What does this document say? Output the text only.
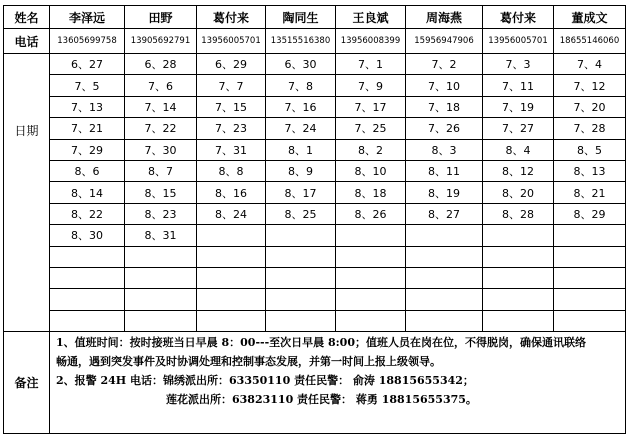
姓名	李泽远	田野	葛付来	陶同生	王良斌	周海燕	葛付来	董成文
电话	13605699758	13905692791	13956005701	13515516380	13956008399	15956947906	13956005701	18655146060
日期	6、27	6、28	6、29	6、30	7、1	7、2	7、3	7、4
	7、5	7、6	7、7	7、8	7、9	7、10	7、11	7、12
	7、13	7、14	7、15	7、16	7、17	7、18	7、19	7、20
	7、21	7、22	7、23	7、24	7、25	7、26	7、27	7、28
	7、29	7、30	7、31	8、1	8、2	8、3	8、4	8、5
	8、6	8、7	8、8	8、9	8、10	8、11	8、12	8、13
	8、14	8、15	8、16	8、17	8、18	8、19	8、20	8、21
	8、22	8、23	8、24	8、25	8、26	8、27	8、28	8、29
	8、30	8、31						

备注	1、值班时间：按时接班当日早晨 8：00---至次日早晨 8:00；值班人员在岗在位，不得脱岗，确保通讯联络
畅通，遇到突发事件及时协调处理和控制事态发展，并第一时间上报上级领导。
2、报警 24H 电话：锦绣派出所：63350110 责任民警： 俞涛 18815655342；
莲花派出所：63823110 责任民警： 蒋勇 18815655375。							
